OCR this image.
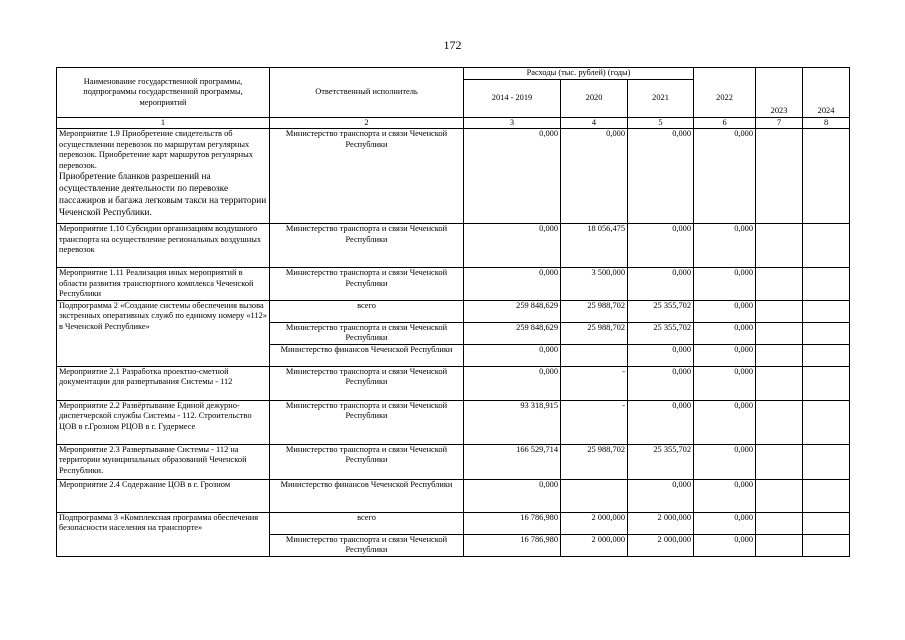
172
Наименование государственной программы, подпрограммы государственной программы, мероприятий	Ответственный исполнитель	Расходы (тыс. рублей) (годы)				2023	2024
		2014 - 2019	2020	2021	2022		
1	2	3	4	5	6	7	8

Мероприятие 1.9 Приобретение свидетельств об осуществлении перевозок по маршрутам регулярных перевозок. Приобретение карт маршрутов регулярных перевозок.
Приобретение бланков разрешений на осуществление деятельности по перевозке пассажиров и багажа легковым такси на территории Чеченской Республики.	Министерство транспорта и связи Чеченской Республики	0,000	0,000	0,000	0,000		
Мероприятие 1.10 Субсидии организациям воздушного транспорта на осуществление региональных воздушных перевозок	Министерство транспорта и связи Чеченской Республики	0,000	18 056,475	0,000	0,000		
Мероприятие 1.11 Реализация иных мероприятий в области развития транспортного комплекса Чеченской Республики	Министерство транспорта и связи Чеченской Республики	0,000	3 500,000	0,000	0,000		
Подпрограмма 2 «Создание системы обеспечения вызова экстренных оперативных служб по единому номеру «112» в Чеченской Республике»	всего	259 848,629	25 988,702	25 355,702	0,000		
	Министерство транспорта и связи Чеченской Республики	259 848,629	25 988,702	25 355,702	0,000		
	Министерство финансов Чеченской Республики	0,000		0,000	0,000		
Мероприятие 2.1 Разработка проектно-сметной документации для развертывания Системы - 112	Министерство транспорта и связи Чеченской Республики	0,000	-	0,000	0,000		
Мероприятие 2.2 Развёртывание Единой дежурно-диспетчерской службы Системы - 112. Строительство ЦОВ в г.Грозном РЦОВ в г. Гудермесе	Министерство транспорта и связи Чеченской Республики	93 318,915	-	0,000	0,000		
Мероприятие 2.3 Развертывание Системы - 112 на территории муниципальных образований Чеченской Республики.	Министерство транспорта и связи Чеченской Республики	166 529,714	25 988,702	25 355,702	0,000		
Мероприятие 2.4 Содержание ЦОВ в г. Грозном	Министерство финансов Чеченской Республики	0,000		0,000	0,000		
Подпрограмма 3 «Комплексная программа обеспечения безопасности населения на транспорте»	всего	16 786,980	2 000,000	2 000,000	0,000		
	Министерство транспорта и связи Чеченской Республики	16 786,980	2 000,000	2 000,000	0,000		
